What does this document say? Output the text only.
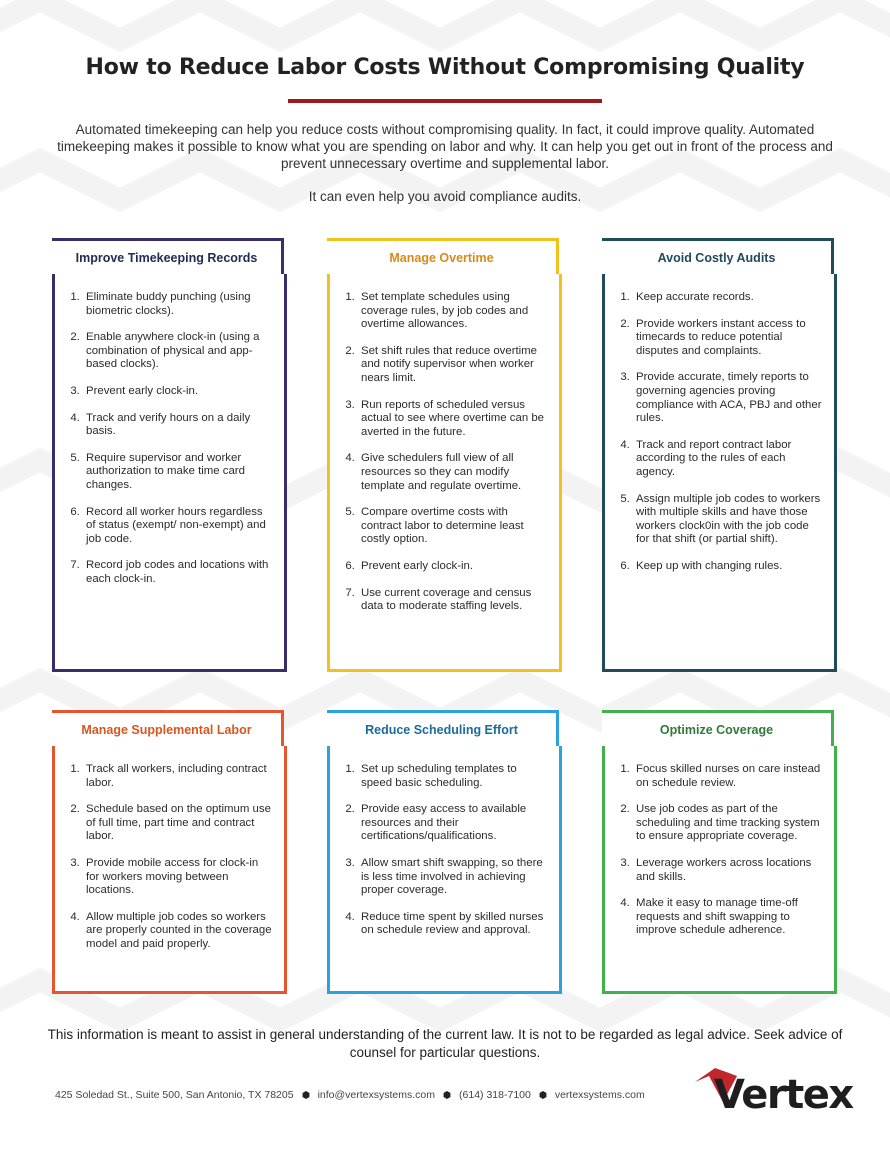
How to Reduce Labor Costs Without Compromising Quality
Automated timekeeping can help you reduce costs without compromising quality. In fact, it could improve quality. Automated timekeeping makes it possible to know what you are spending on labor and why. It can help you get out in front of the process and prevent unnecessary overtime and supplemental labor.
It can even help you avoid compliance audits.
Improve Timekeeping Records
1. Eliminate buddy punching (using biometric clocks).
2. Enable anywhere clock-in (using a combination of physical and app-based clocks).
3. Prevent early clock-in.
4. Track and verify hours on a daily basis.
5. Require supervisor and worker authorization to make time card changes.
6. Record all worker hours regardless of status (exempt/ non-exempt) and job code.
7. Record job codes and locations with each clock-in.
Manage Overtime
1. Set template schedules using coverage rules, by job codes and overtime allowances.
2. Set shift rules that reduce overtime and notify supervisor when worker nears limit.
3. Run reports of scheduled versus actual to see where overtime can be averted in the future.
4. Give schedulers full view of all resources so they can modify template and regulate overtime.
5. Compare overtime costs with contract labor to determine least costly option.
6. Prevent early clock-in.
7. Use current coverage and census data to moderate staffing levels.
Avoid Costly Audits
1. Keep accurate records.
2. Provide workers instant access to timecards to reduce potential disputes and complaints.
3. Provide accurate, timely reports to governing agencies proving compliance with ACA, PBJ and other rules.
4. Track and report contract labor according to the rules of each agency.
5. Assign multiple job codes to workers with multiple skills and have those workers clock0in with the job code for that shift (or partial shift).
6. Keep up with changing rules.
Manage Supplemental Labor
1. Track all workers, including contract labor.
2. Schedule based on the optimum use of full time, part time and contract labor.
3. Provide mobile access for clock-in for workers moving between locations.
4. Allow multiple job codes so workers are properly counted in the coverage model and paid properly.
Reduce Scheduling Effort
1. Set up scheduling templates to speed basic scheduling.
2. Provide easy access to available resources and their certifications/qualifications.
3. Allow smart shift swapping, so there is less time involved in achieving proper coverage.
4. Reduce time spent by skilled nurses on schedule review and approval.
Optimize Coverage
1. Focus skilled nurses on care instead on schedule review.
2. Use job codes as part of the scheduling and time tracking system to ensure appropriate coverage.
3. Leverage workers across locations and skills.
4. Make it easy to manage time-off requests and shift swapping to improve schedule adherence.
This information is meant to assist in general understanding of the current law. It is not to be regarded as legal advice. Seek advice of counsel for particular questions.
425 Soledad St., Suite 500, San Antonio, TX 78205 info@vertexsystems.com (614) 318-7100 vertexsystems.com Vertex
